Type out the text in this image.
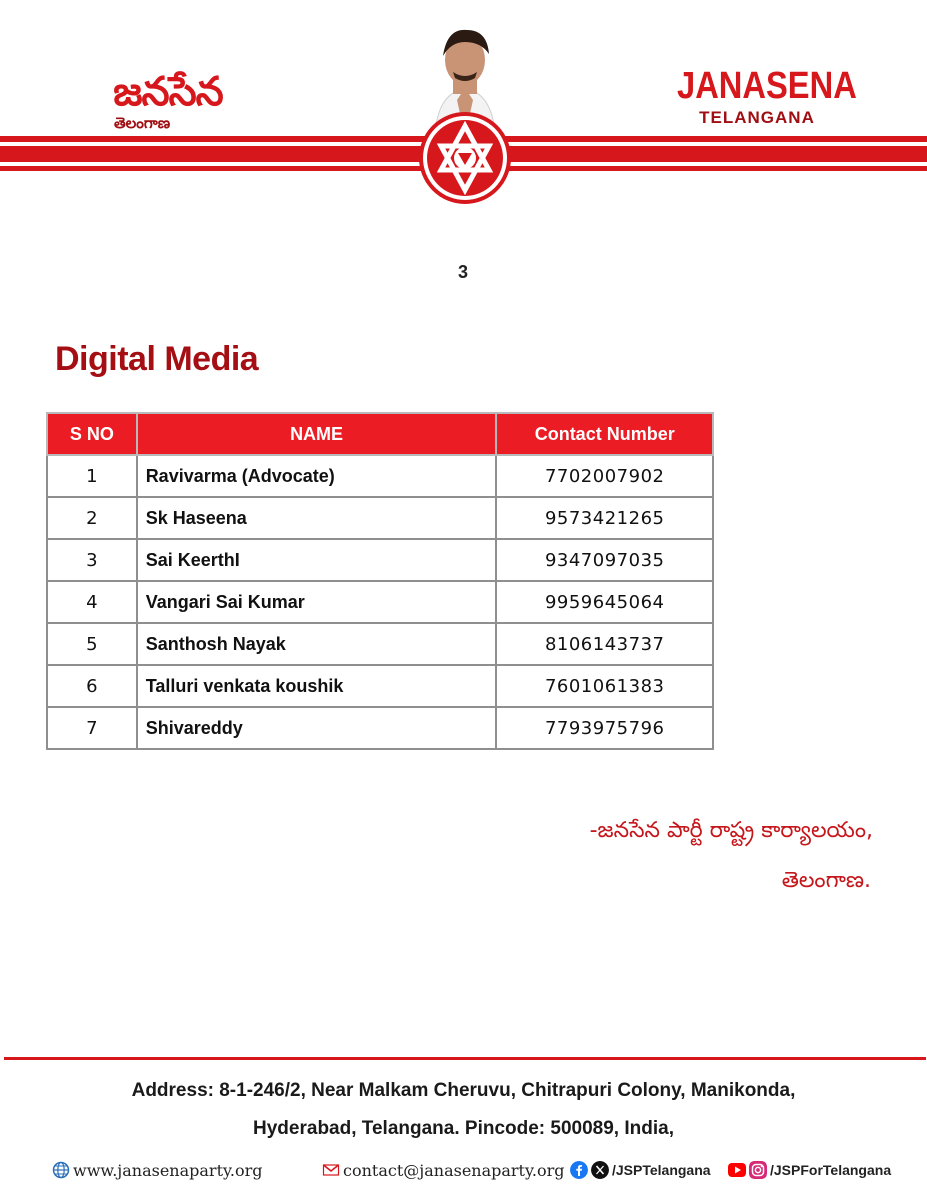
జనసేన
తెలంగాణ
JANASENA
TELANGANA
3
Digital Media
S NO	NAME	Contact Number
1	Ravivarma (Advocate)	7702007902
2	Sk Haseena	9573421265
3	Sai KeerthI	9347097035
4	Vangari Sai Kumar	9959645064
5	Santhosh Nayak	8106143737
6	Talluri venkata koushik	7601061383
7	Shivareddy	7793975796
-జనసేన పార్టీ రాష్ట్ర కార్యాలయం,
తెలంగాణ.
Address: 8-1-246/2, Near Malkam Cheruvu, Chitrapuri Colony, Manikonda,
Hyderabad, Telangana. Pincode: 500089, India,
www.janasenaparty.org	contact@janasenaparty.org	/JSPTelangana	/JSPForTelangana
